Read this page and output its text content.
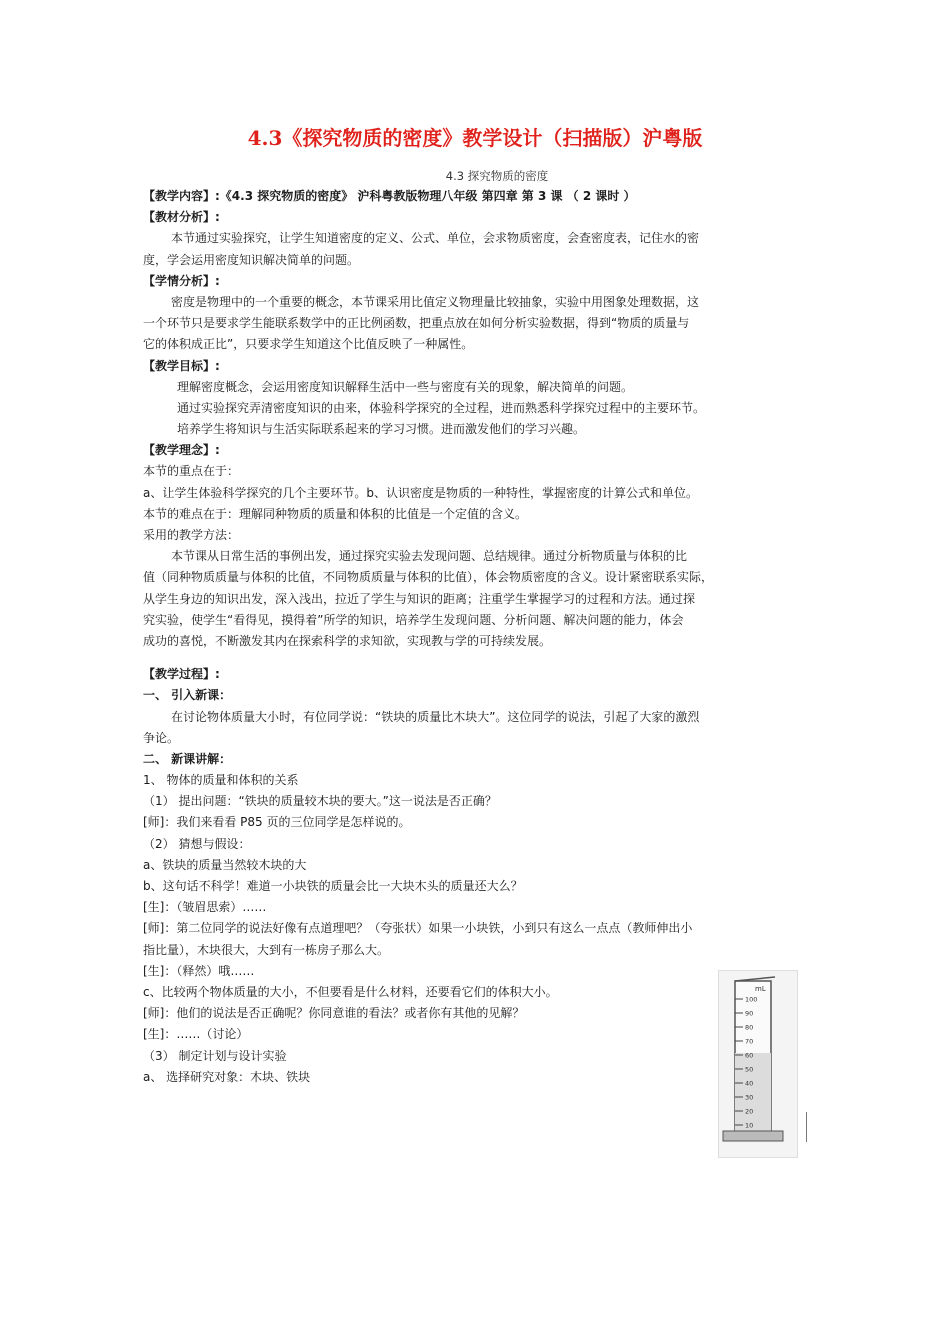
4.3《探究物质的密度》教学设计（扫描版）沪粤版
4.3 探究物质的密度
【教学内容】:《4.3 探究物质的密度》 沪科粤教版物理八年级 第四章 第 3 课 （ 2 课时 ）
【教材分析】:
本节通过实验探究，让学生知道密度的定义、公式、单位，会求物质密度，会查密度表，记住水的密
度，学会运用密度知识解决简单的问题。
【学情分析】:
密度是物理中的一个重要的概念，本节课采用比值定义物理量比较抽象，实验中用图象处理数据，这
一个环节只是要求学生能联系数学中的正比例函数，把重点放在如何分析实验数据，得到“物质的质量与
它的体积成正比”，只要求学生知道这个比值反映了一种属性。
【教学目标】:
理解密度概念，会运用密度知识解释生活中一些与密度有关的现象，解决简单的问题。
通过实验探究弄清密度知识的由来，体验科学探究的全过程，进而熟悉科学探究过程中的主要环节。
培养学生将知识与生活实际联系起来的学习习惯。进而激发他们的学习兴趣。
【教学理念】:
本节的重点在于：
a、让学生体验科学探究的几个主要环节。b、认识密度是物质的一种特性，掌握密度的计算公式和单位。
本节的难点在于：理解同种物质的质量和体积的比值是一个定值的含义。
采用的教学方法：
本节课从日常生活的事例出发，通过探究实验去发现问题、总结规律。通过分析物质量与体积的比
值（同种物质质量与体积的比值，不同物质质量与体积的比值），体会物质密度的含义。设计紧密联系实际，
从学生身边的知识出发，深入浅出，拉近了学生与知识的距离；注重学生掌握学习的过程和方法。通过探
究实验，使学生“看得见，摸得着”所学的知识，培养学生发现问题、分析问题、解决问题的能力，体会
成功的喜悦，不断激发其内在探索科学的求知欲，实现教与学的可持续发展。
【教学过程】:
一、 引入新课：
在讨论物体质量大小时，有位同学说：“铁块的质量比木块大”。这位同学的说法，引起了大家的激烈
争论。
二、 新课讲解：
1、 物体的质量和体积的关系
（1） 提出问题：“铁块的质量较木块的要大。”这一说法是否正确？
[师]：我们来看看 P85 页的三位同学是怎样说的。
（2） 猜想与假设：
a、铁块的质量当然较木块的大
b、这句话不科学！难道一小块铁的质量会比一大块木头的质量还大么？
[生]：（皱眉思索）……
[师]：第二位同学的说法好像有点道理吧？（夸张状）如果一小块铁，小到只有这么一点点（教师伸出小
指比量），木块很大，大到有一栋房子那么大。
[生]：（释然）哦……
c、比较两个物体质量的大小，不但要看是什么材料，还要看它们的体积大小。
[师]：他们的说法是否正确呢？你同意谁的看法？或者你有其他的见解？
[生]：……（讨论）
（3） 制定计划与设计实验
a、 选择研究对象：木块、铁块
mL
100
90
80
70
60
50
40
30
20
10
